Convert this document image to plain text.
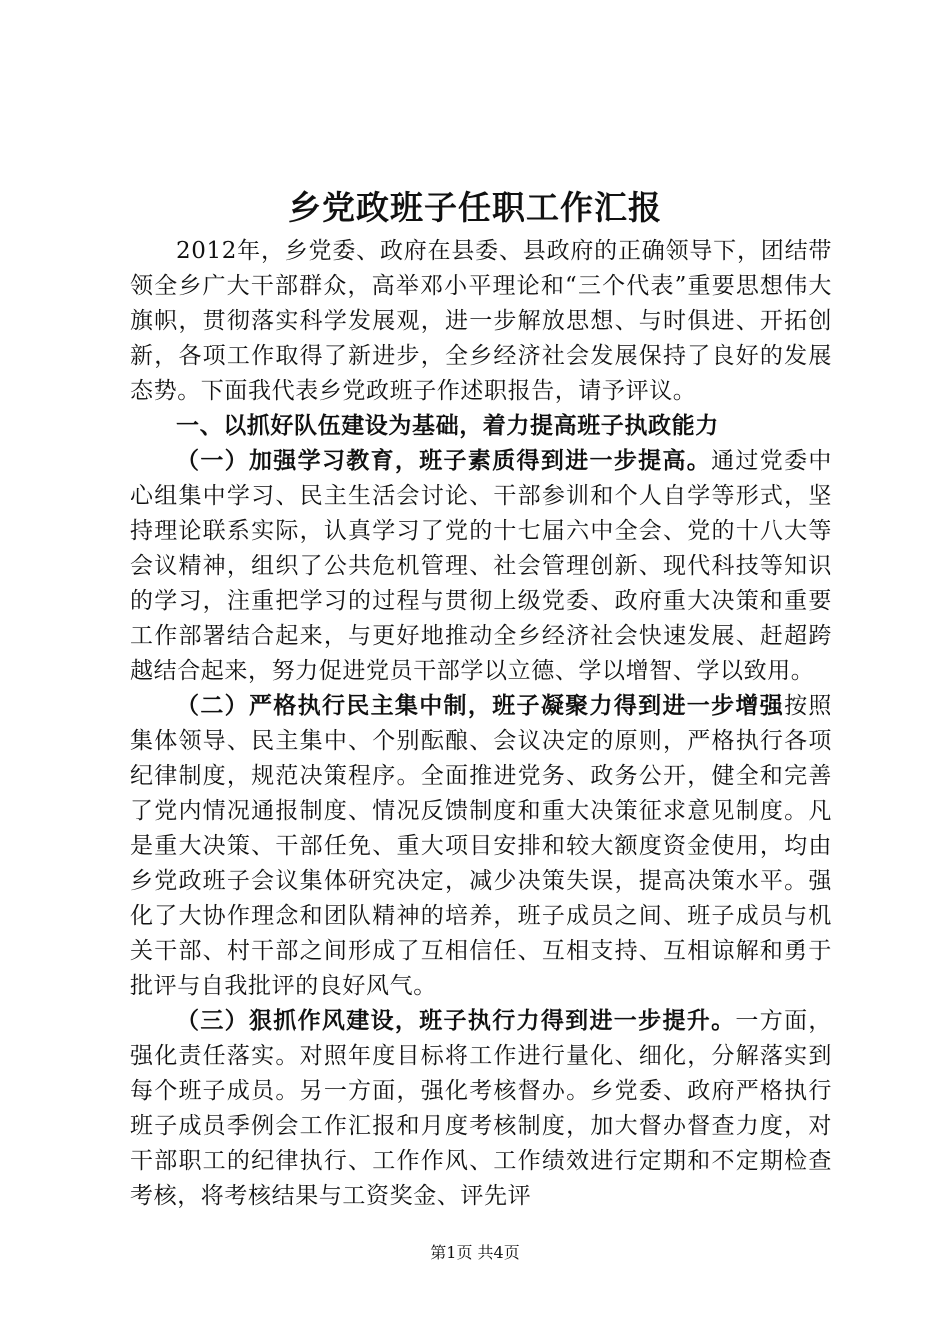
乡党政班子任职工作汇报

2012年，乡党委、政府在县委、县政府的正确领导下，团结带领全乡广大干部群众，高举邓小平理论和“三个代表”重要思想伟大旗帜，贯彻落实科学发展观，进一步解放思想、与时俱进、开拓创新，各项工作取得了新进步，全乡经济社会发展保持了良好的发展态势。下面我代表乡党政班子作述职报告，请予评议。

一、以抓好队伍建设为基础，着力提高班子执政能力

（一）加强学习教育，班子素质得到进一步提高。通过党委中心组集中学习、民主生活会讨论、干部参训和个人自学等形式，坚持理论联系实际，认真学习了党的十七届六中全会、党的十八大等会议精神，组织了公共危机管理、社会管理创新、现代科技等知识的学习，注重把学习的过程与贯彻上级党委、政府重大决策和重要工作部署结合起来，与更好地推动全乡经济社会快速发展、赶超跨越结合起来，努力促进党员干部学以立德、学以增智、学以致用。

（二）严格执行民主集中制，班子凝聚力得到进一步增强按照集体领导、民主集中、个别酝酿、会议决定的原则，严格执行各项纪律制度，规范决策程序。全面推进党务、政务公开，健全和完善了党内情况通报制度、情况反馈制度和重大决策征求意见制度。凡是重大决策、干部任免、重大项目安排和较大额度资金使用，均由乡党政班子会议集体研究决定，减少决策失误，提高决策水平。强化了大协作理念和团队精神的培养，班子成员之间、班子成员与机关干部、村干部之间形成了互相信任、互相支持、互相谅解和勇于批评与自我批评的良好风气。

（三）狠抓作风建设，班子执行力得到进一步提升。一方面，强化责任落实。对照年度目标将工作进行量化、细化，分解落实到每个班子成员。另一方面，强化考核督办。乡党委、政府严格执行班子成员季例会工作汇报和月度考核制度，加大督办督查力度，对干部职工的纪律执行、工作作风、工作绩效进行定期和不定期检查考核，将考核结果与工资奖金、评先评

第1页 共4页
